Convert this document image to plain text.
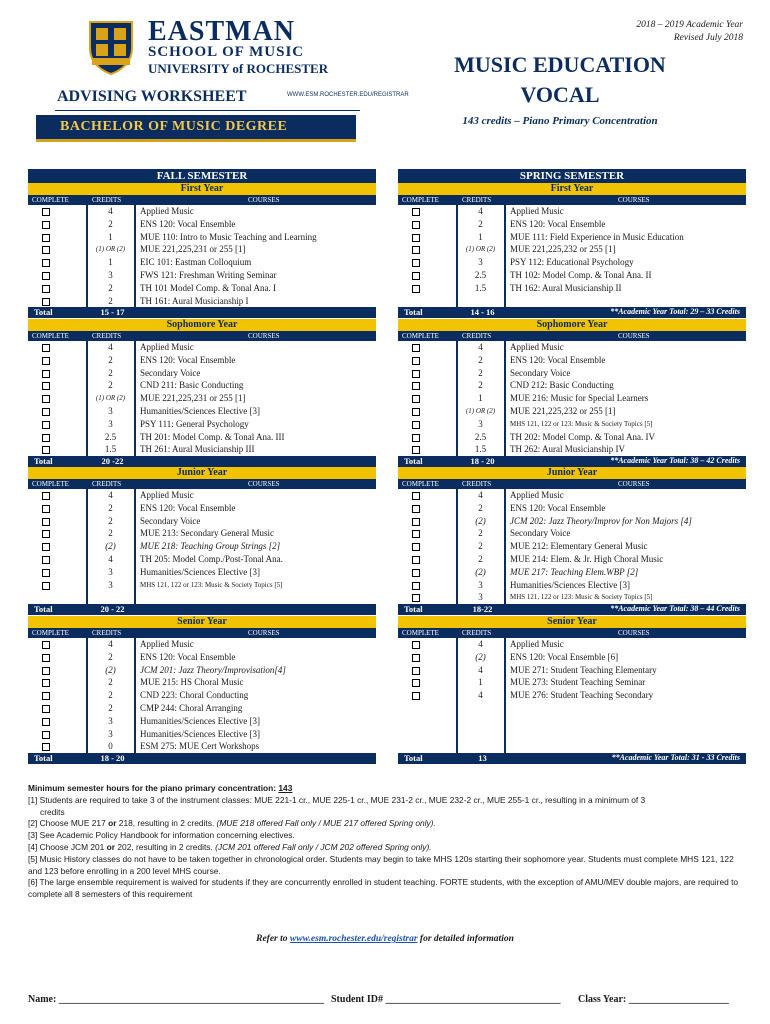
EASTMAN
SCHOOL OF MUSIC
UNIVERSITY of ROCHESTER
ADVISING WORKSHEET	WWW.ESM.ROCHESTER.EDU/REGISTRAR
BACHELOR OF MUSIC DEGREE
2018 – 2019 Academic Year
Revised July 2018
MUSIC EDUCATION
VOCAL
143 credits – Piano Primary Concentration
FALL SEMESTER	SPRING SEMESTER
First Year
COMPLETE	CREDITS	COURSES
4	Applied Music
2	ENS 120: Vocal Ensemble
1	MUE 110: Intro to Music Teaching and Learning
(1) OR (2)	MUE 221,225,231 or 255 [1]
1	EIC 101: Eastman Colloquium
3	FWS 121: Freshman Writing Seminar
2	TH 101 Model Comp. & Tonal Ana. I
2	TH 161: Aural Musicianship I
Total	15 - 17
First Year
COMPLETE	CREDITS	COURSES
4	Applied Music
2	ENS 120: Vocal Ensemble
1	MUE 111: Field Experience in Music Education
(1) OR (2)	MUE 221,225,232 or 255 [1]
3	PSY 112: Educational Psychology
2.5	TH 102: Model Comp. & Tonal Ana. II
1.5	TH 162: Aural Musicianship II
Total	14 - 16	**Academic Year Total: 29 – 33 Credits
Sophomore Year
COMPLETE	CREDITS	COURSES
4	Applied Music
2	ENS 120: Vocal Ensemble
2	Secondary Voice
2	CND 211: Basic Conducting
(1) OR (2)	MUE 221,225,231 or 255 [1]
3	Humanities/Sciences Elective [3]
3	PSY 111: General Psychology
2.5	TH 201: Model Comp. & Tonal Ana. III
1.5	TH 261: Aural Musicianship III
Total	20 -22
Sophomore Year
COMPLETE	CREDITS	COURSES
4	Applied Music
2	ENS 120: Vocal Ensemble
2	Secondary Voice
2	CND 212: Basic Conducting
1	MUE 216: Music for Special Learners
(1) OR (2)	MUE 221,225,232 or 255 [1]
3	MHS 121, 122 or 123: Music & Society Topics [5]
2.5	TH 202: Model Comp. & Tonal Ana. IV
1.5	TH 262: Aural Musicianship IV
Total	18 - 20	**Academic Year Total: 38 – 42 Credits
Junior Year
COMPLETE	CREDITS	COURSES
4	Applied Music
2	ENS 120: Vocal Ensemble
2	Secondary Voice
2	MUE 213: Secondary General Music
(2)	MUE 218: Teaching Group Strings [2]
4	TH 205: Model Comp./Post-Tonal Ana.
3	Humanities/Sciences Elective [3]
3	MHS 121, 122 or 123: Music & Society Topics [5]
Total	20 - 22
Junior Year
COMPLETE	CREDITS	COURSES
4	Applied Music
2	ENS 120: Vocal Ensemble
(2)	JCM 202: Jazz Theory/Improv for Non Majors [4]
2	Secondary Voice
2	MUE 212: Elementary General Music
2	MUE 214: Elem. & Jr. High Choral Music
(2)	MUE 217: Teaching Elem.WBP [2]
3	Humanities/Sciences Elective [3]
3	MHS 121, 122 or 123: Music & Society Topics [5]
Total	18-22	**Academic Year Total: 38 – 44 Credits
Senior Year
COMPLETE	CREDITS	COURSES
4	Applied Music
2	ENS 120: Vocal Ensemble
(2)	JCM 201: Jazz Theory/Improvisation[4]
2	MUE 215: HS Choral Music
2	CND 223: Choral Conducting
2	CMP 244: Choral Arranging
3	Humanities/Sciences Elective [3]
3	Humanities/Sciences Elective [3]
0	ESM 275: MUE Cert Workshops
Total	18 - 20
Senior Year
COMPLETE	CREDITS	COURSES
4	Applied Music
(2)	ENS 120: Vocal Ensemble [6]
4	MUE 271: Student Teaching Elementary
1	MUE 273: Student Teaching Seminar
4	MUE 276: Student Teaching Secondary
Total	13	**Academic Year Total: 31 - 33 Credits

Minimum semester hours for the piano primary concentration: 143

[1] Students are required to take 3 of the instrument classes: MUE 221-1 cr., MUE 225-1 cr., MUE 231-2 cr., MUE 232-2 cr., MUE 255-1 cr., resulting in a minimum of 3

credits

[2] Choose MUE 217 or 218, resulting in 2 credits. (MUE 218 offered Fall only / MUE 217 offered Spring only).

[3] See Academic Policy Handbook for information concerning electives.

[4] Choose JCM 201 or 202, resulting in 2 credits. (JCM 201 offered Fall only / JCM 202 offered Spring only).

[5] Music History classes do not have to be taken together in chronological order. Students may begin to take MHS 120s starting their sophomore year. Students must complete MHS 121, 122 and 123 before enrolling in a 200 level MHS course.

[6] The large ensemble requirement is waived for students if they are concurrently enrolled in student teaching. FORTE students, with the exception of AMU/MEV double majors, are required to complete all 8 semesters of this requirement

Refer to www.esm.rochester.edu/registrar for detailed information
Name: _____________________________________________________ Student ID# ___________________________________ Class Year: ____________________
